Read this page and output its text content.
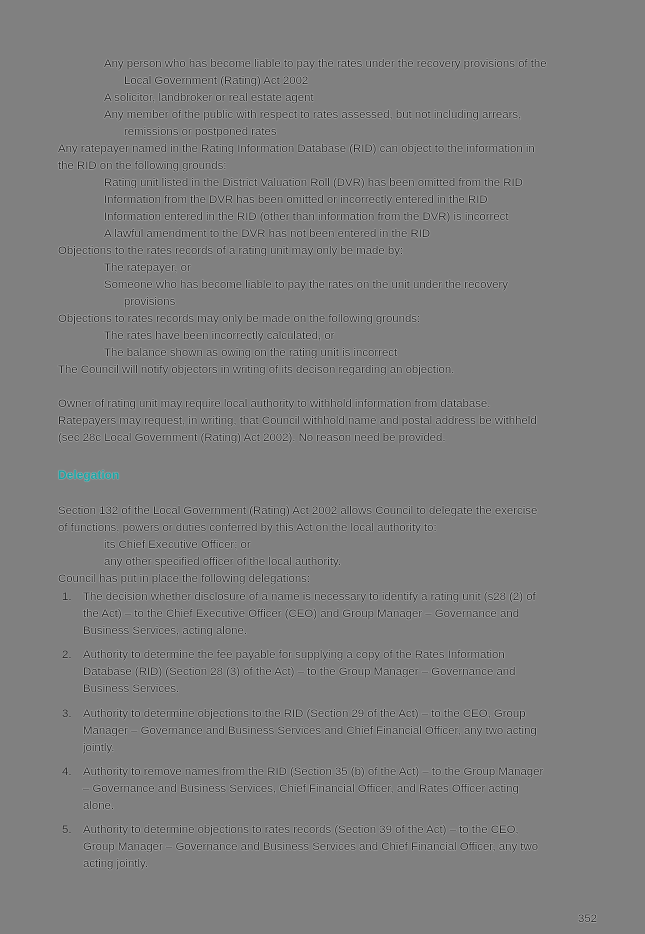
Any person who has become liable to pay the rates under the recovery provisions of the
Local Government (Rating) Act 2002
A solicitor, landbroker or real estate agent
Any member of the public with respect to rates assessed, but not including arrears,
remissions or postponed rates
Any ratepayer named in the Rating Information Database (RID) can object to the information in
the RID on the following grounds:
Rating unit listed in the District Valuation Roll (DVR) has been omitted from the RID
Information from the DVR has been omitted or incorrectly entered in the RID
Information entered in the RID (other than information from the DVR) is incorrect
A lawful amendment to the DVR has not been entered in the RID
Objections to the rates records of a rating unit may only be made by:
The ratepayer, or
Someone who has become liable to pay the rates on the unit under the recovery
provisions
Objections to rates records may only be made on the following grounds:
The rates have been incorrectly calculated, or
The balance shown as owing on the rating unit is incorrect
The Council will notify objectors in writing of its decison regarding an objection.
Owner of rating unit may require local authority to withhold information from database.
Ratepayers may request, in writing, that Council withhold name and postal address be withheld
(sec 28c Local Government (Rating) Act 2002). No reason need be provided.
Delegation
Section 132 of the Local Government (Rating) Act 2002 allows Council to delegate the exercise
of functions, powers or duties conferred by this Act on the local authority to:
its Chief Executive Officer; or
any other specified officer of the local authority.
Council has put in place the following delegations:
1. The decision whether disclosure of a name is necessary to identify a rating unit (s28 (2) of
the Act) – to the Chief Executive Officer (CEO) and Group Manager – Governance and
Business Services, acting alone.
2. Authority to determine the fee payable for supplying a copy of the Rates Information
Database (RID) (Section 28 (3) of the Act) – to the Group Manager – Governance and
Business Services.
3. Authority to determine objections to the RID (Section 29 of the Act) – to the CEO, Group
Manager – Governance and Business Services and Chief Financial Officer, any two acting
jointly.
4. Authority to remove names from the RID (Section 35 (b) of the Act) – to the Group Manager
– Governance and Business Services, Chief Financial Officer, and Rates Officer acting
alone.
5. Authority to determine objections to rates records (Section 39 of the Act) – to the CEO,
Group Manager – Governance and Business Services and Chief Financial Officer, any two
acting jointly.
352
